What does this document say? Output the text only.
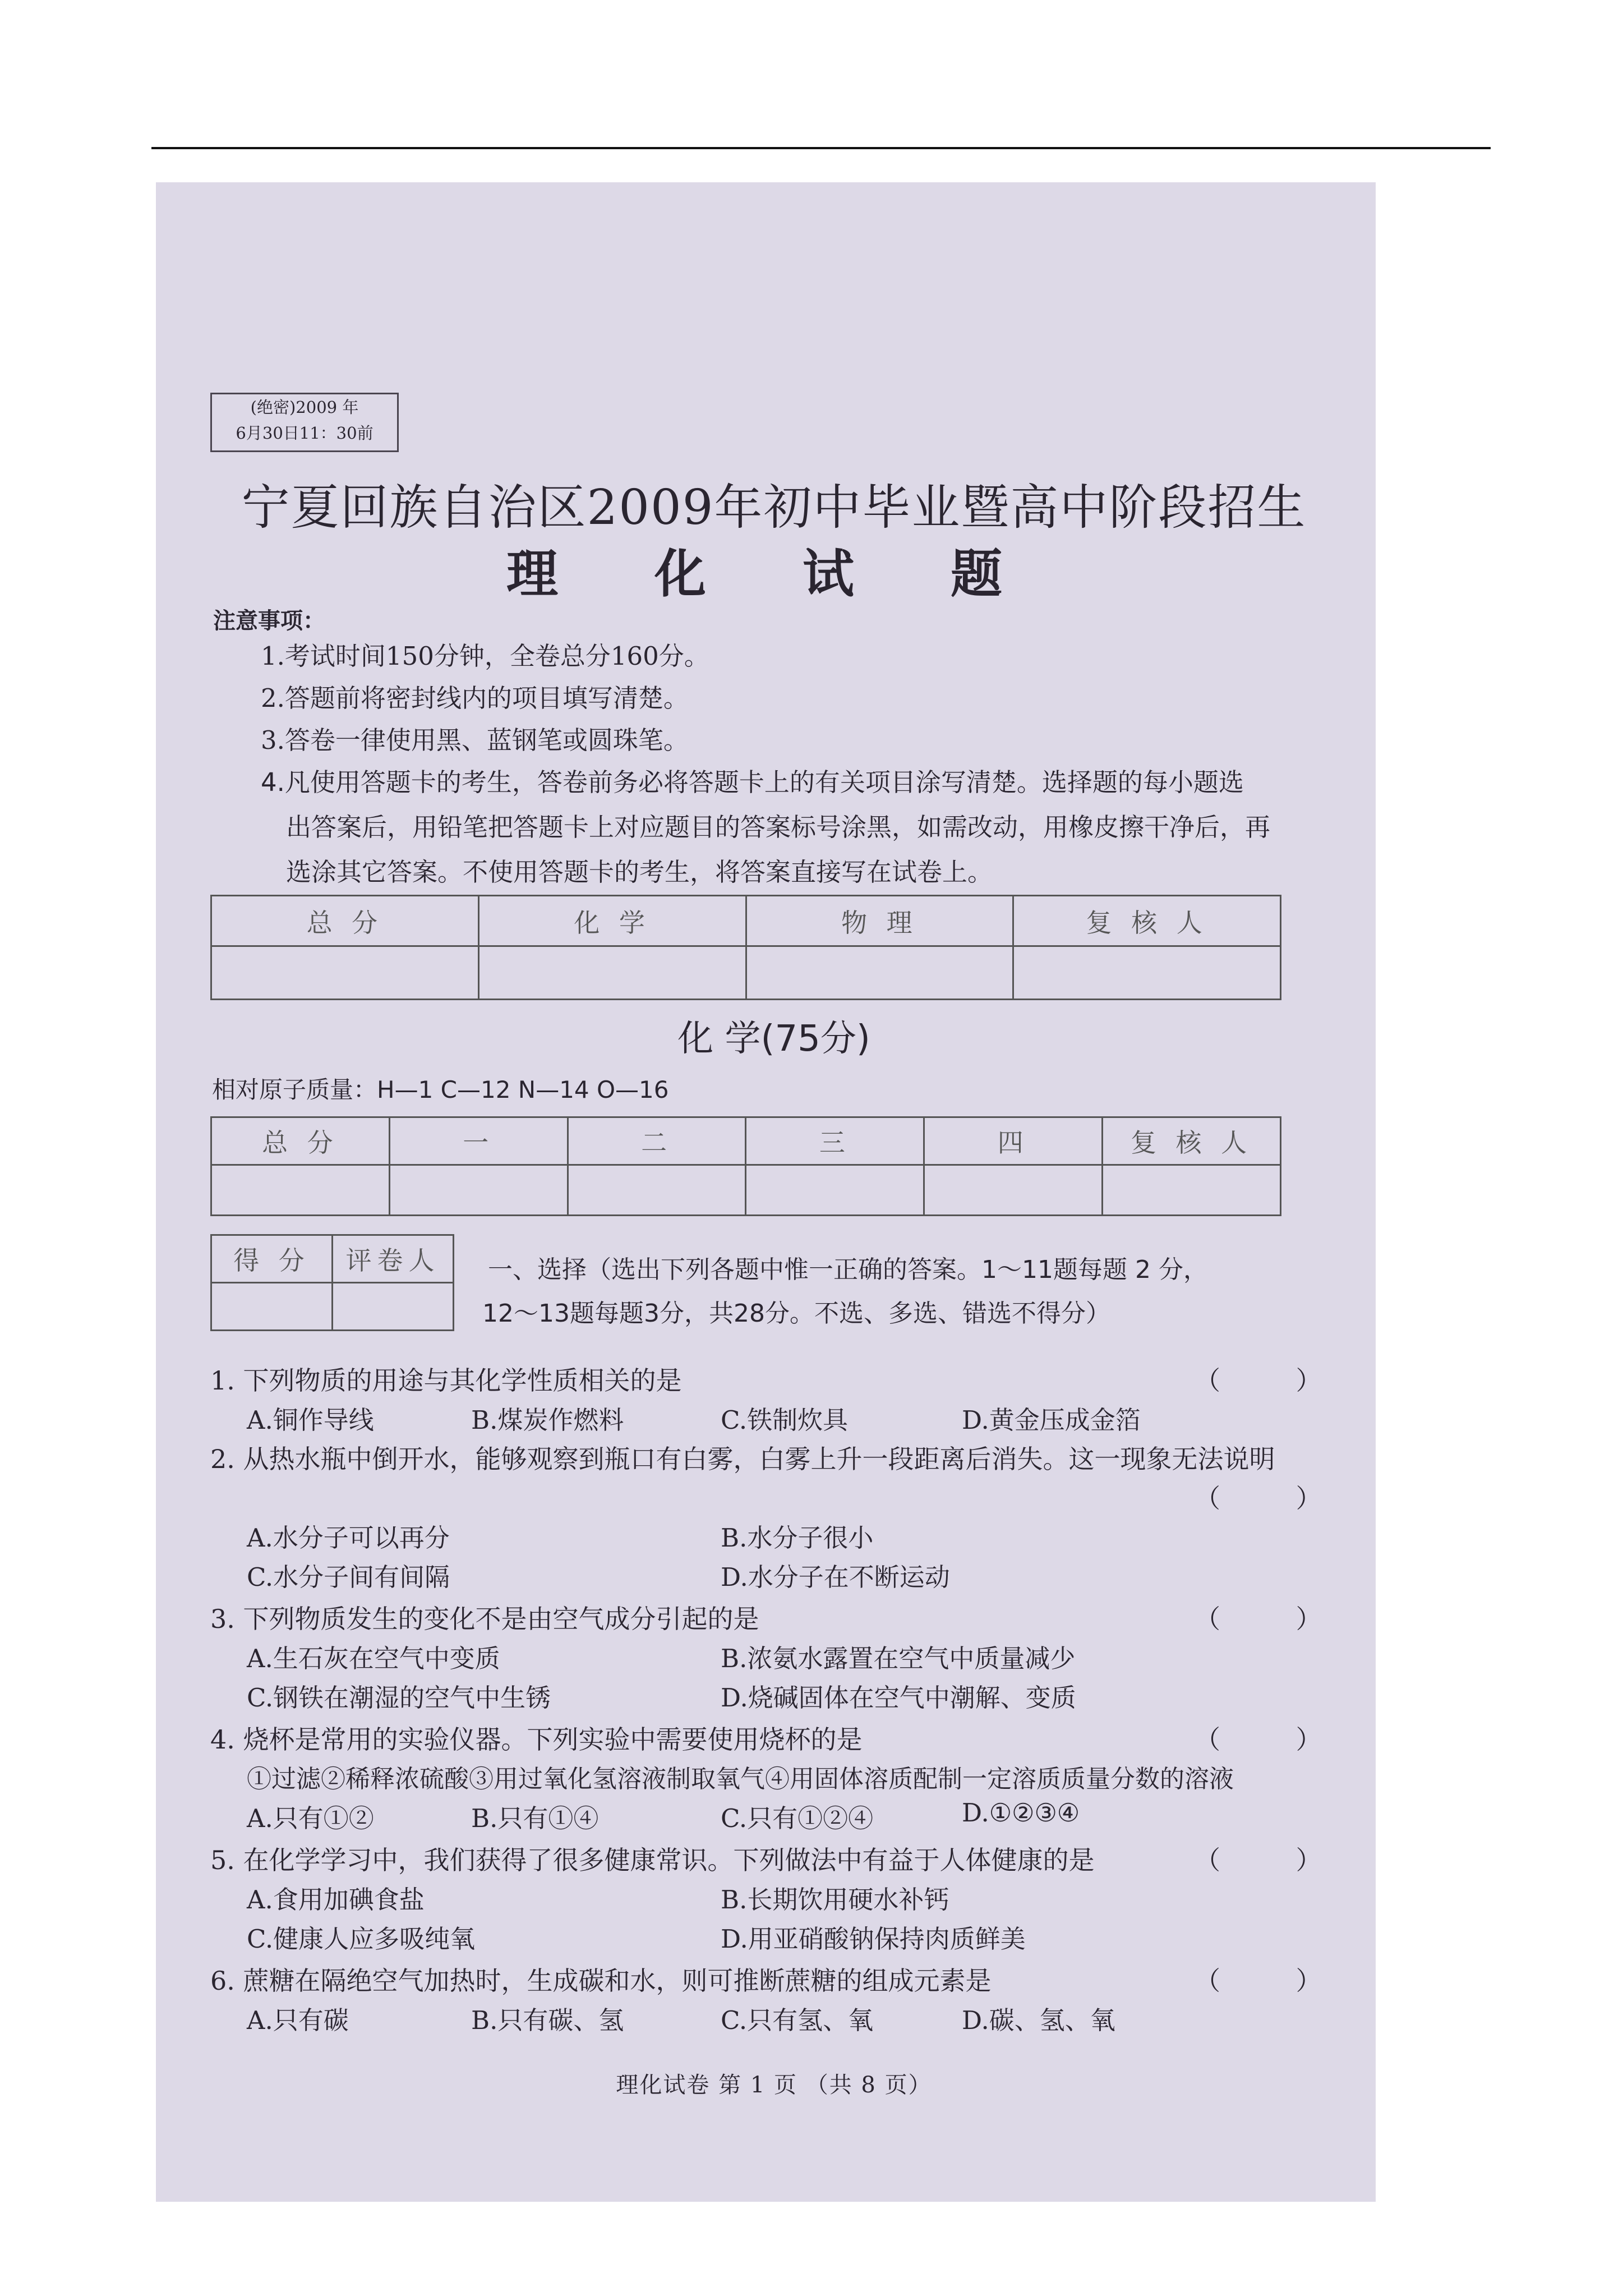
(绝密)2009 年
6月30日11：30前
宁夏回族自治区2009年初中毕业暨高中阶段招生
理 化 试 题
注意事项：
1.考试时间150分钟，全卷总分160分。
2.答题前将密封线内的项目填写清楚。
3.答卷一律使用黑、蓝钢笔或圆珠笔。
4.凡使用答题卡的考生，答卷前务必将答题卡上的有关项目涂写清楚。选择题的每小题选
出答案后，用铅笔把答题卡上对应题目的答案标号涂黑，如需改动，用橡皮擦干净后，再
选涂其它答案。不使用答题卡的考生，将答案直接写在试卷上。
总 分	化 学	物 理	复 核 人

化 学(75分)
相对原子质量：H—1 C—12 N—14 O—16
总 分	一	二	三	四	复 核 人

得 分	评卷人
	一、选择（选出下列各题中惟一正确的答案。1～11题每题 2 分，
12～13题每题3分，共28分。不选、多选、错选不得分）
1. 下列物质的用途与其化学性质相关的是	（ ）
A.铜作导线	B.煤炭作燃料	C.铁制炊具	D.黄金压成金箔
2. 从热水瓶中倒开水，能够观察到瓶口有白雾，白雾上升一段距离后消失。这一现象无法说明
（ ）
A.水分子可以再分	B.水分子很小
C.水分子间有间隔	D.水分子在不断运动
3. 下列物质发生的变化不是由空气成分引起的是	（ ）
A.生石灰在空气中变质	B.浓氨水露置在空气中质量减少
C.钢铁在潮湿的空气中生锈	D.烧碱固体在空气中潮解、变质
4. 烧杯是常用的实验仪器。下列实验中需要使用烧杯的是	（ ）
①过滤②稀释浓硫酸③用过氧化氢溶液制取氧气④用固体溶质配制一定溶质质量分数的溶液
A.只有①②	B.只有①④	C.只有①②④	D.①②③④
5. 在化学学习中，我们获得了很多健康常识。下列做法中有益于人体健康的是	（ ）
A.食用加碘食盐	B.长期饮用硬水补钙
C.健康人应多吸纯氧	D.用亚硝酸钠保持肉质鲜美
6. 蔗糖在隔绝空气加热时，生成碳和水，则可推断蔗糖的组成元素是	（ ）
A.只有碳	B.只有碳、氢	C.只有氢、氧	D.碳、氢、氧
理化试卷 第 1 页 （共 8 页）
